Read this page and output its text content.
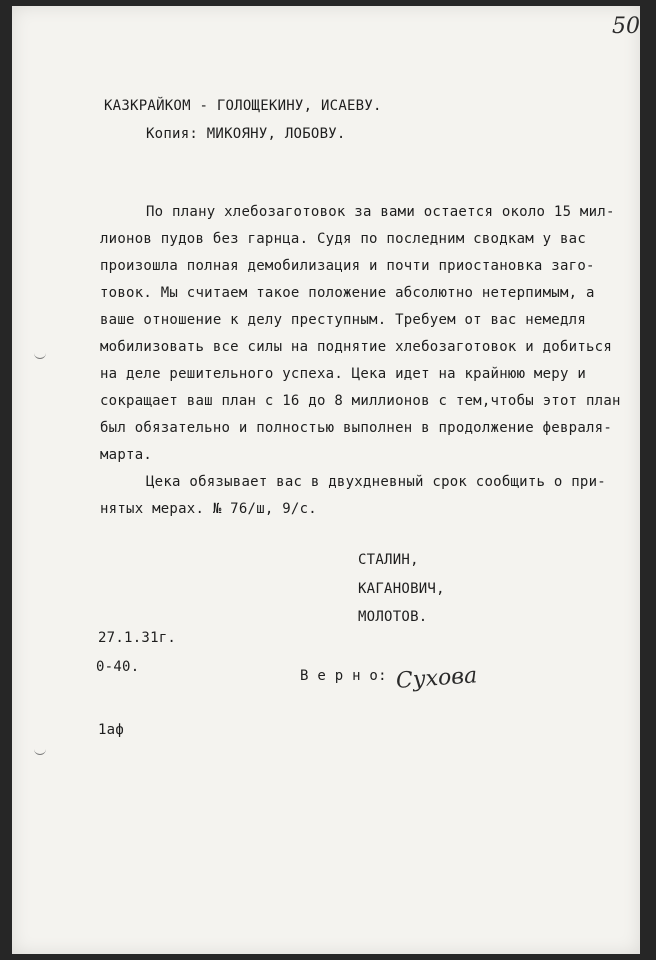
50
КАЗКРАЙКОМ - ГОЛОЩЕКИНУ, ИСАЕВУ.
Копия: МИКОЯНУ, ЛОБОВУ.
По плану хлебозаготовок за вами остается около 15 мил-
лионов пудов без гарнца. Судя по последним сводкам у вас
произошла полная демобилизация и почти приостановка заго-
товок. Мы считаем такое положение абсолютно нетерпимым, а
ваше отношение к делу преступным. Требуем от вас немедля
мобилизовать все силы на поднятие хлебозаготовок и добиться
на деле решительного успеха. Цека идет на крайнюю меру и
сокращает ваш план с 16 до 8 миллионов с тем,чтобы этот план
был обязательно и полностью выполнен в продолжение февраля-
марта.
Цека обязывает вас в двухдневный срок сообщить о при-
нятых мерах. № 76/ш, 9/с.
СТАЛИН,
КАГАНОВИЧ,
МОЛОТОВ.
27.1.31г.
0-40.
В е р н о: Сухова
1аф
